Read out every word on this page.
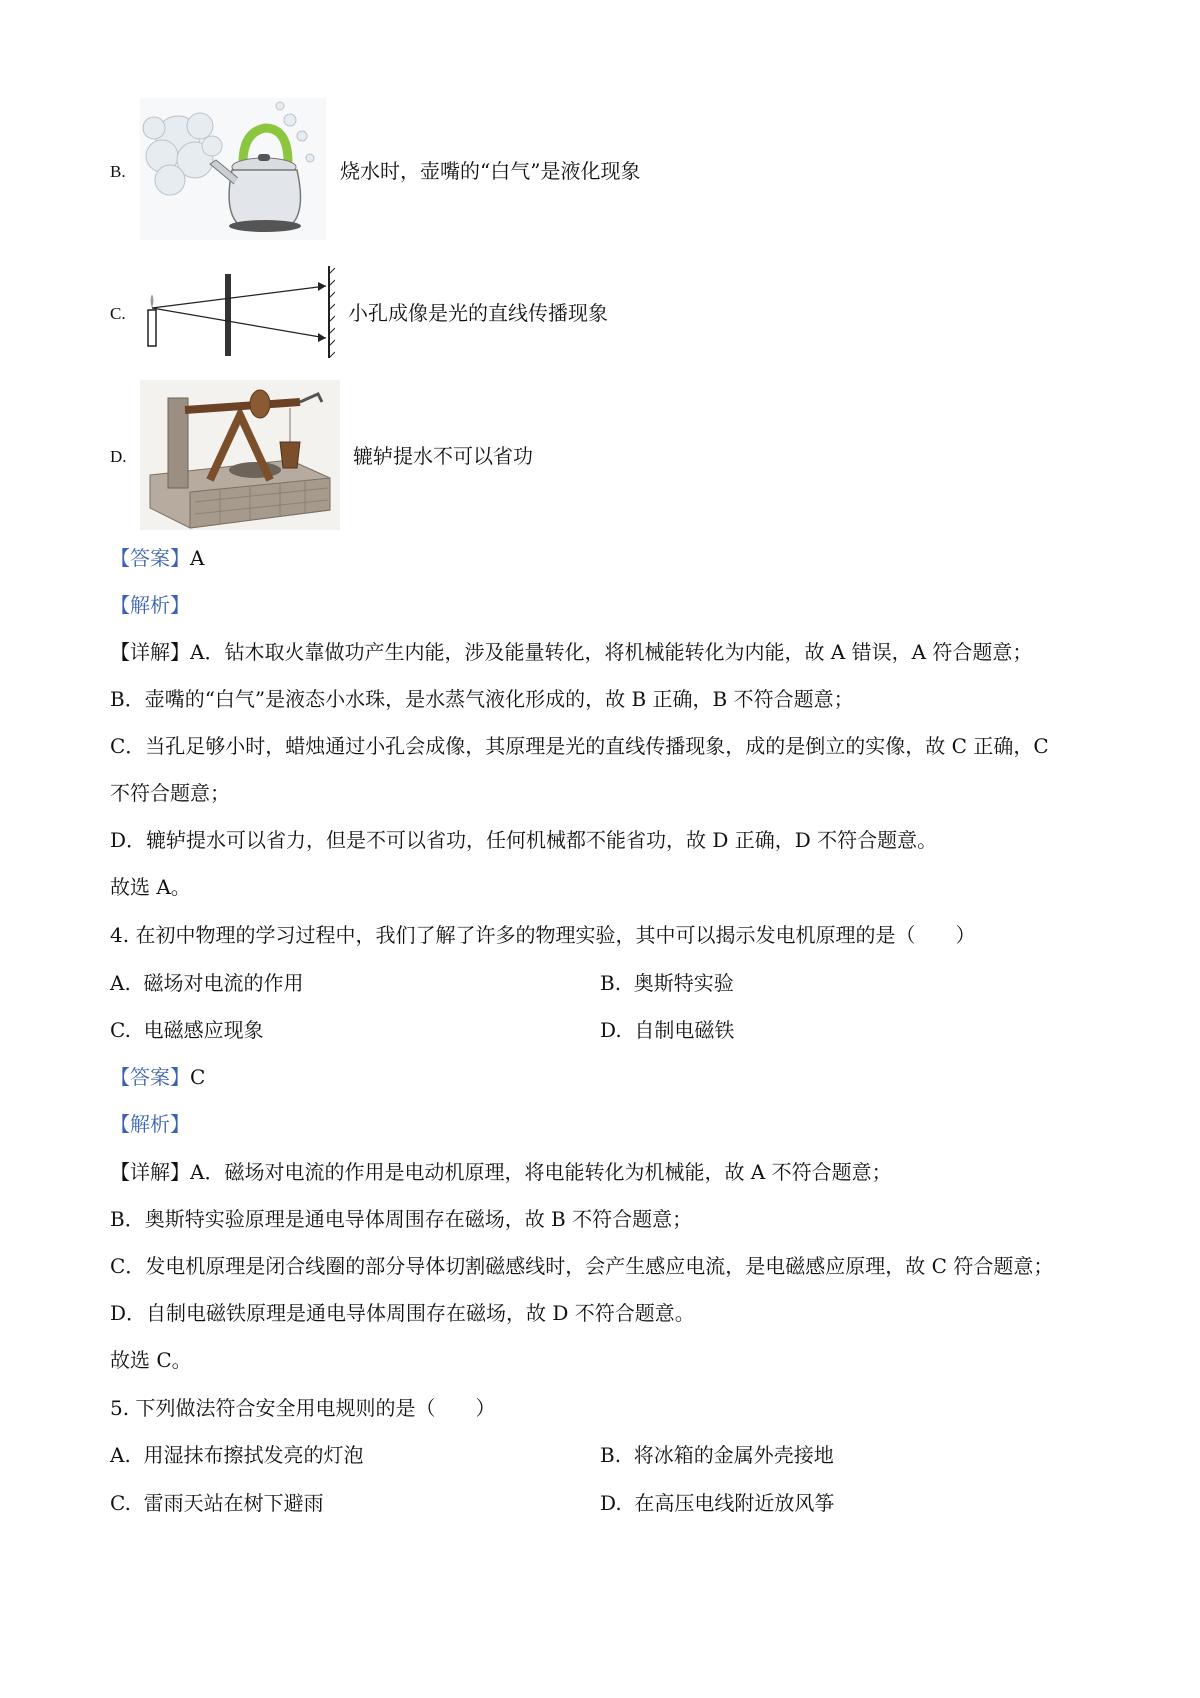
B.	烧水时，壶嘴的“白气”是液化现象
C.	小孔成像是光的直线传播现象
D.	辘轳提水不可以省功
【答案】A
【解析】
【详解】A．钻木取火靠做功产生内能，涉及能量转化，将机械能转化为内能，故 A 错误，A 符合题意；
B．壶嘴的“白气”是液态小水珠，是水蒸气液化形成的，故 B 正确，B 不符合题意；
C．当孔足够小时，蜡烛通过小孔会成像，其原理是光的直线传播现象，成的是倒立的实像，故 C 正确，C
不符合题意；
D．辘轳提水可以省力，但是不可以省功，任何机械都不能省功，故 D 正确，D 不符合题意。
故选 A。
4. 在初中物理的学习过程中，我们了解了许多的物理实验，其中可以揭示发电机原理的是（　　）
A. 磁场对电流的作用	B. 奥斯特实验
C. 电磁感应现象	D. 自制电磁铁
【答案】C
【解析】
【详解】A．磁场对电流的作用是电动机原理，将电能转化为机械能，故 A 不符合题意；
B．奥斯特实验原理是通电导体周围存在磁场，故 B 不符合题意；
C．发电机原理是闭合线圈的部分导体切割磁感线时，会产生感应电流，是电磁感应原理，故 C 符合题意；
D．自制电磁铁原理是通电导体周围存在磁场，故 D 不符合题意。
故选 C。
5. 下列做法符合安全用电规则的是（　　）
A. 用湿抹布擦拭发亮的灯泡	B. 将冰箱的金属外壳接地
C. 雷雨天站在树下避雨	D. 在高压电线附近放风筝
